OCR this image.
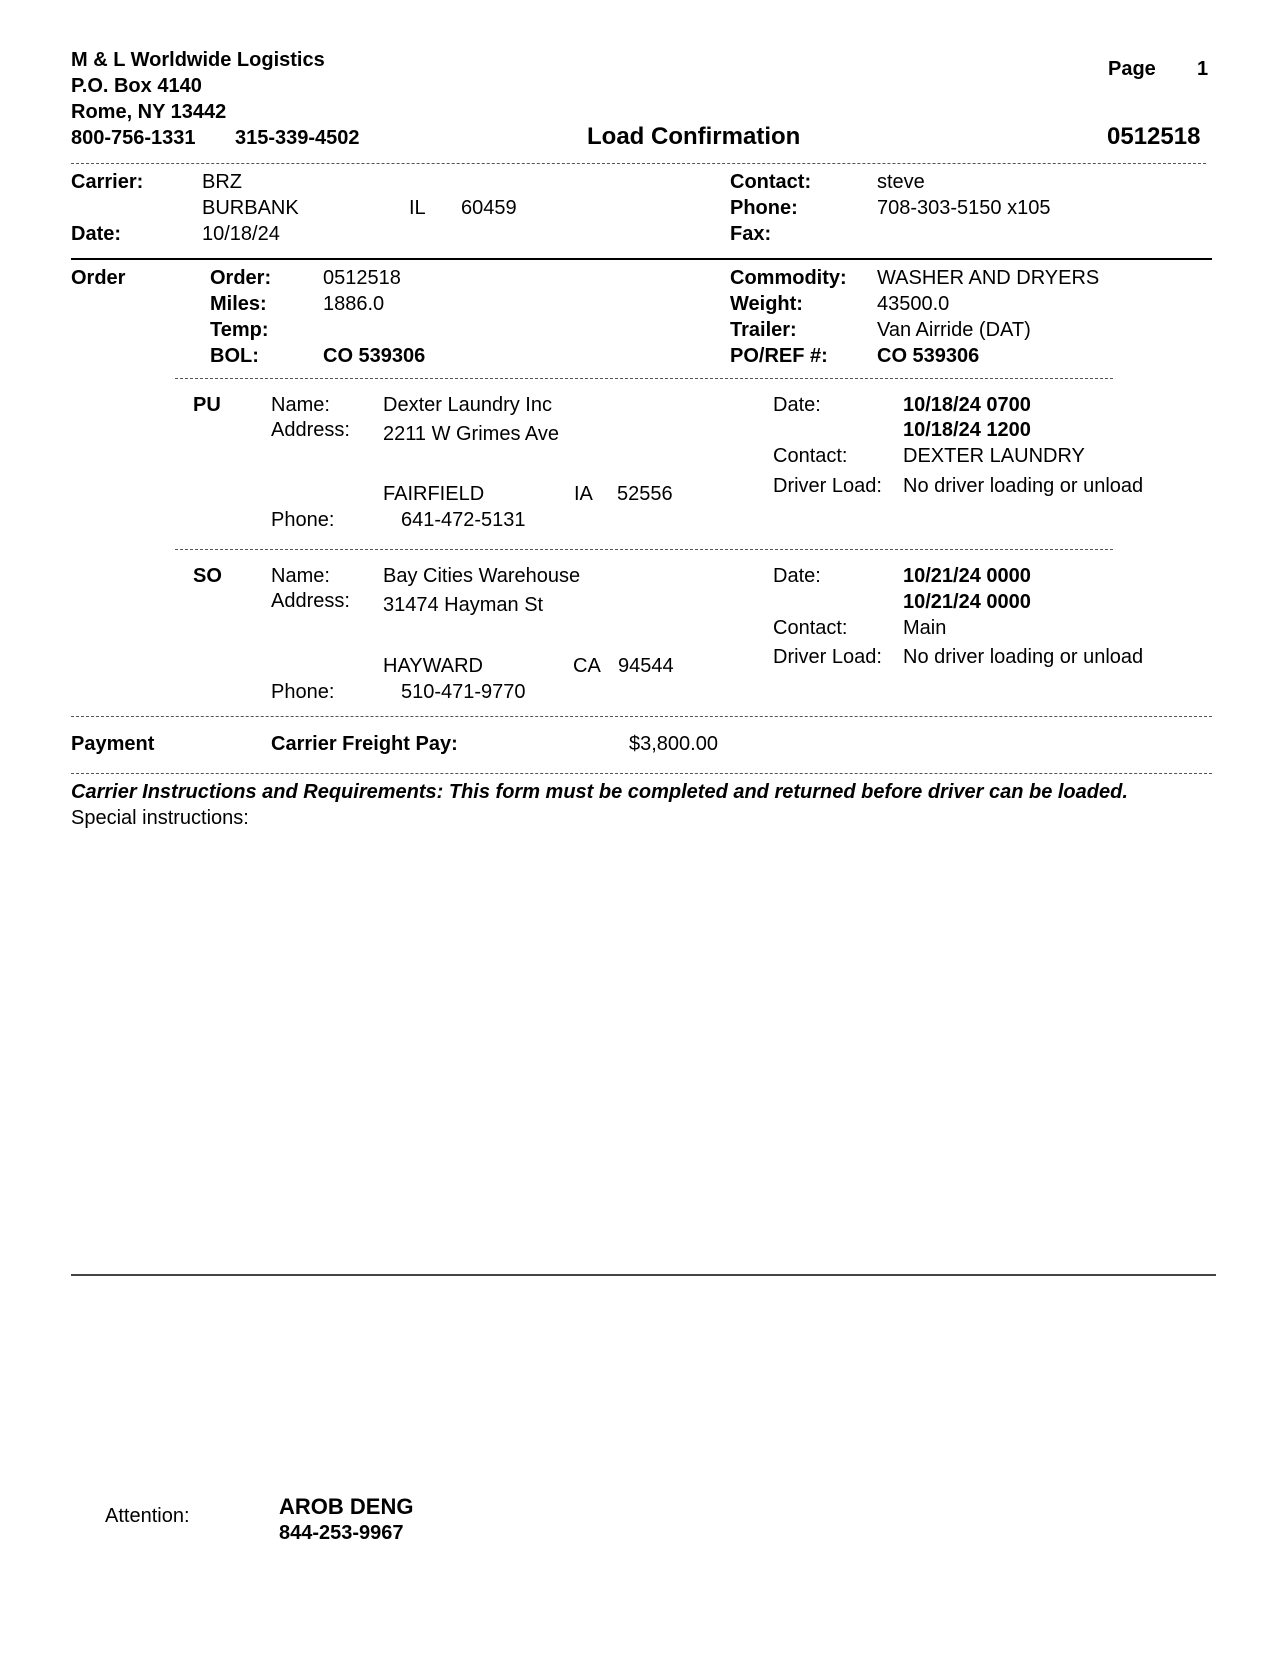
M & L Worldwide Logistics
P.O. Box 4140
Rome, NY 13442
800-756-1331 315-339-4502
Page 1
Load Confirmation	0512518
Carrier:	BRZ
BURBANK	IL 60459
Date:	10/18/24
Contact:	steve
Phone:	708-303-5150 x105
Fax:
Order	Order:	0512518
Miles:	1886.0
Temp:
BOL:	CO 539306
Commodity: WASHER AND DRYERS
Weight:	43500.0
Trailer:	Van Airride (DAT)
PO/REF #: CO 539306
PU	Name:	Dexter Laundry Inc
Address: 2211 W Grimes Ave
FAIRFIELD	IA 52556
Phone:	641-472-5131
Date:	10/18/24 0700
10/18/24 1200
Contact:	DEXTER LAUNDRY
Driver Load: No driver loading or unload
SO Name:	Bay Cities Warehouse
Address: 31474 Hayman St
HAYWARD	CA 94544
Phone:	510-471-9770
Date:	10/21/24 0000
10/21/24 0000
Contact:	Main
Driver Load: No driver loading or unload
Payment	Carrier Freight Pay:	$3,800.00
Carrier Instructions and Requirements: This form must be completed and returned before driver can be loaded.
Special instructions:
Attention:	AROB DENG
844-253-9967
